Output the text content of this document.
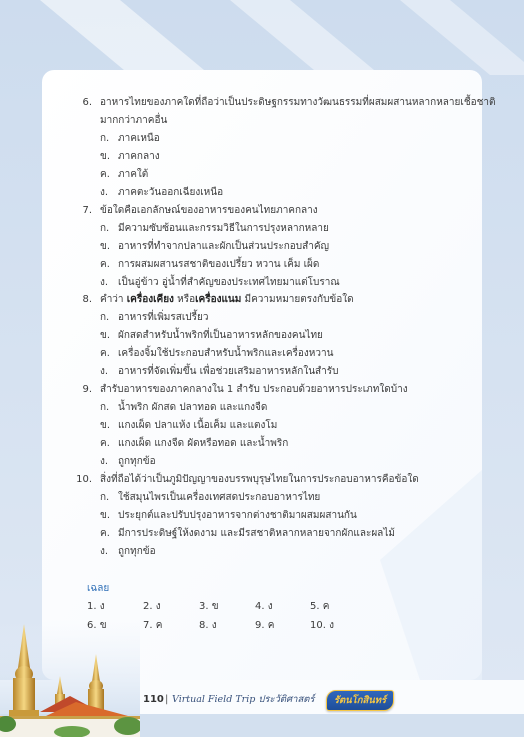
6. อาหารไทยของภาคใดที่ถือว่าเป็นประดิษฐกรรมทางวัฒนธรรมที่ผสมผสานหลากหลายเชื้อชาติ
มากกว่าภาคอื่น
ก. ภาคเหนือ
ข. ภาคกลาง
ค. ภาคใต้
ง. ภาคตะวันออกเฉียงเหนือ
7. ข้อใดคือเอกลักษณ์ของอาหารของคนไทยภาคกลาง
ก. มีความซับซ้อนและกรรมวิธีในการปรุงหลากหลาย
ข. อาหารที่ทำจากปลาและผักเป็นส่วนประกอบสำคัญ
ค. การผสมผสานรสชาติของเปรี้ยว หวาน เค็ม เผ็ด
ง. เป็นอู่ข้าว อู่น้ำที่สำคัญของประเทศไทยมาแต่โบราณ
8. คำว่า เครื่องเคียง หรือเครื่องแนม มีความหมายตรงกับข้อใด
ก. อาหารที่เพิ่มรสเปรี้ยว
ข. ผักสดสำหรับน้ำพริกที่เป็นอาหารหลักของคนไทย
ค. เครื่องจิ้มใช้ประกอบสำหรับน้ำพริกและเครื่องหวาน
ง. อาหารที่จัดเพิ่มขึ้น เพื่อช่วยเสริมอาหารหลักในสำรับ
9. สำรับอาหารของภาคกลางใน 1 สำรับ ประกอบด้วยอาหารประเภทใดบ้าง
ก. น้ำพริก ผักสด ปลาทอด และแกงจืด
ข. แกงเผ็ด ปลาแห้ง เนื้อเค็ม และแตงโม
ค. แกงเผ็ด แกงจืด ผัดหรือทอด และน้ำพริก
ง. ถูกทุกข้อ
10. สิ่งที่ถือได้ว่าเป็นภูมิปัญญาของบรรพบุรุษไทยในการประกอบอาหารคือข้อใด
ก. ใช้สมุนไพรเป็นเครื่องเทศสดประกอบอาหารไทย
ข. ประยุกต์และปรับปรุงอาหารจากต่างชาติมาผสมผสานกัน
ค. มีการประดิษฐ์ให้งดงาม และมีรสชาติหลากหลายจากผักและผลไม้
ง. ถูกทุกข้อ
เฉลย
1. ง	2. ง	3. ข	4. ง	5. ค
6. ข	7. ค	8. ง	9. ค	10. ง
110 | Virtual Field Trip ประวัติศาสตร์	รัตนโกสินทร์
